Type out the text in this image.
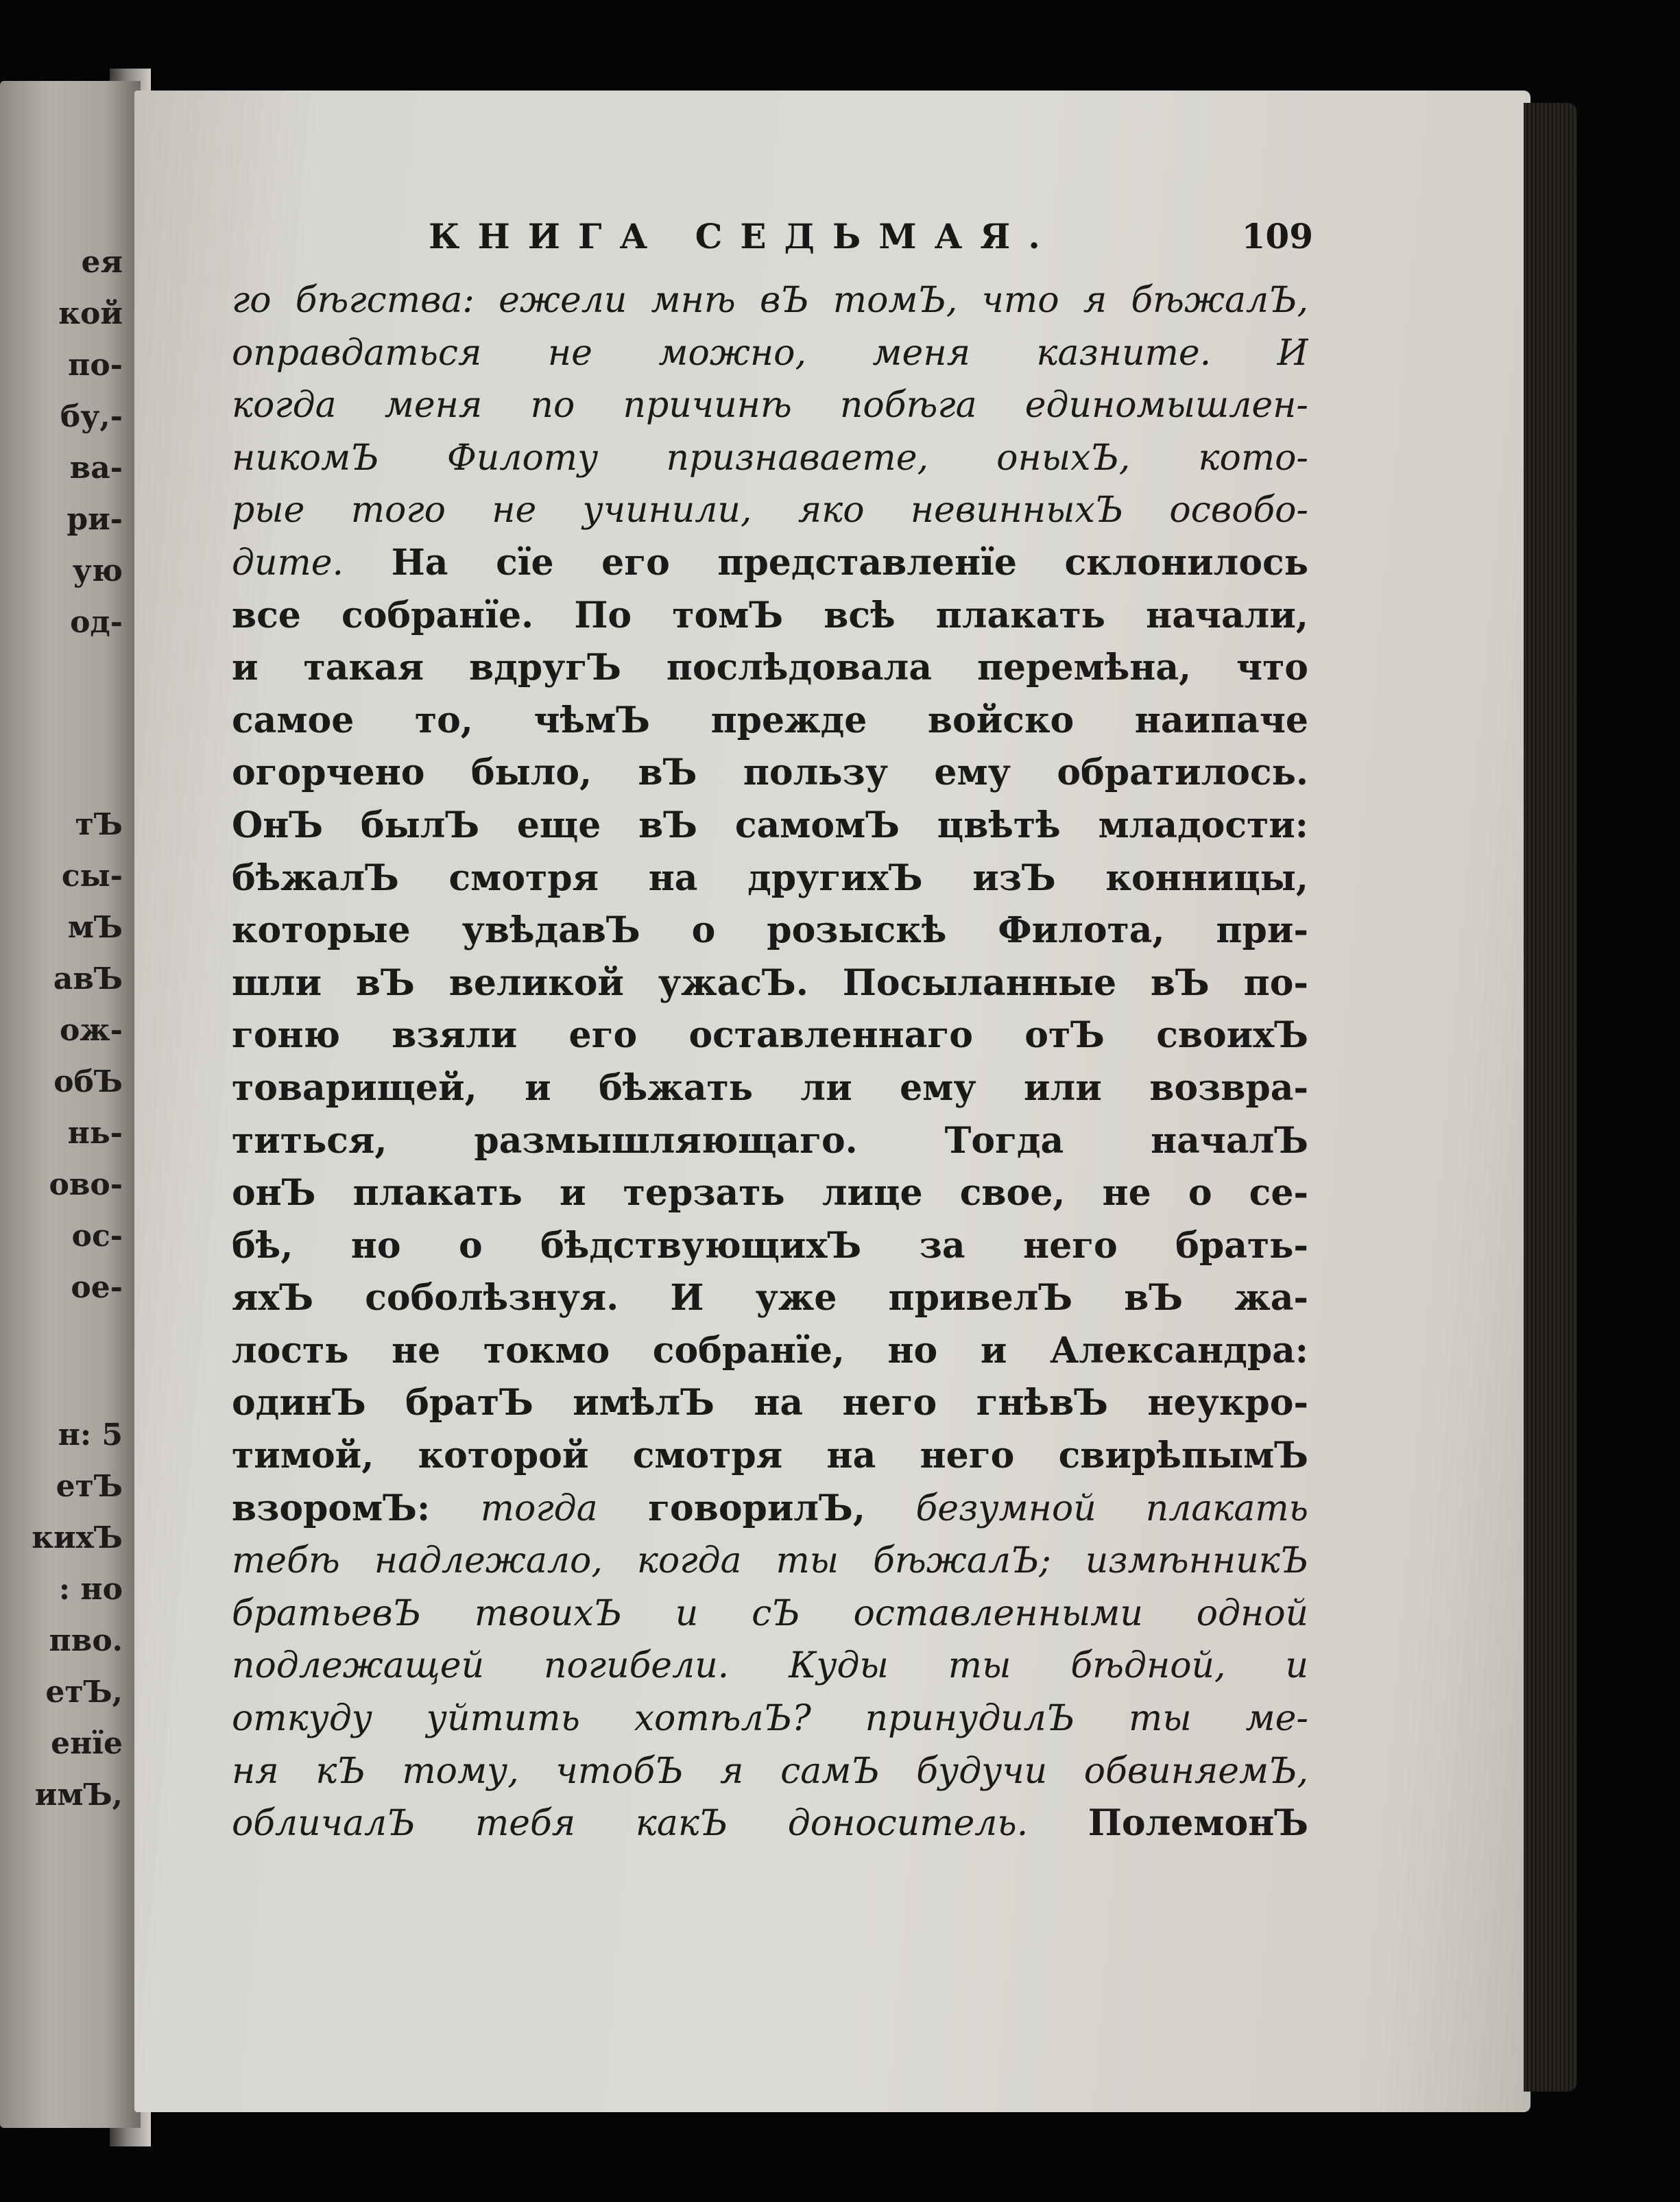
ея
кой
по-
бу,-
ва-
ри-
ую
од-
тЪ
сы-
мЪ
авЪ
ож-
обЪ
нь-
ово-
ос-
ое-
н: 5
етЪ
кихЪ
: но
пво.
етЪ,
енїе
имЪ,
КНИГА СЕДЬМАЯ.	109
го бѣгства: ежели мнѣ вЪ томЪ, что я бѣжалЪ,
оправдаться не можно, меня казните. И
когда меня по причинѣ побѣга единомышлен-
никомЪ Филоту признаваете, оныхЪ, кото-
рые того не учинили, яко невинныхЪ освобо-
дите. На сїе его представленїе склонилось
все собранїе. По томЪ всѣ плакать начали,
и такая вдругЪ послѣдовала перемѣна, что
самое то, чѣмЪ прежде войско наипаче
огорчено было, вЪ пользу ему обратилось.
ОнЪ былЪ еще вЪ самомЪ цвѣтѣ младости:
бѣжалЪ смотря на другихЪ изЪ конницы,
которые увѣдавЪ о розыскѣ Филота, при-
шли вЪ великой ужасЪ. Посыланные вЪ по-
гоню взяли его оставленнаго отЪ своихЪ
товарищей, и бѣжать ли ему или возвра-
титься, размышляющаго. Тогда началЪ
онЪ плакать и терзать лице свое, не о се-
бѣ, но о бѣдствующихЪ за него брать-
яхЪ соболѣзнуя. И уже привелЪ вЪ жа-
лость не токмо собранїе, но и Александра:
одинЪ братЪ имѣлЪ на него гнѣвЪ неукро-
тимой, которой смотря на него свирѣпымЪ
взоромЪ: тогда говорилЪ, безумной плакать
тебѣ надлежало, когда ты бѣжалЪ; измѣнникЪ
братьевЪ твоихЪ и сЪ оставленными одной
подлежащей погибели. Куды ты бѣдной, и
откуду уйтить хотѣлЪ? принудилЪ ты ме-
ня кЪ тому, чтобЪ я самЪ будучи обвиняемЪ,
обличалЪ тебя какЪ доноситель. ПолемонЪ
